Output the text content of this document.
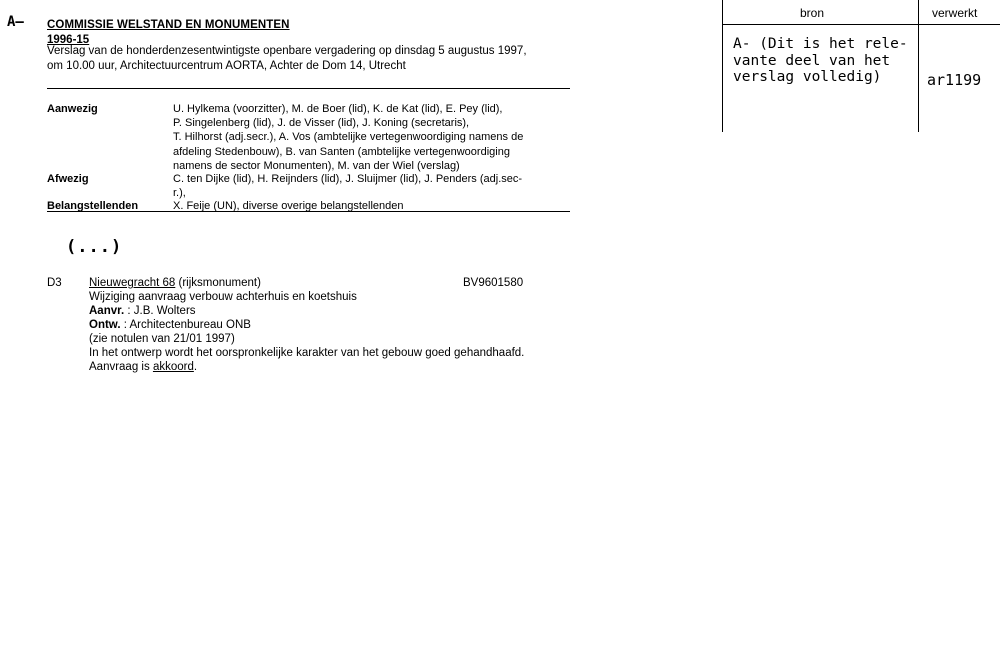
A– COMMISSIE WELSTAND EN MONUMENTEN
1996-15
Verslag van de honderdenzesentwintigste openbare vergadering op dinsdag 5 augustus 1997,
om 10.00 uur, Architectuurcentrum AORTA, Achter de Dom 14, Utrecht
Aanwezig	U. Hylkema (voorzitter), M. de Boer (lid), K. de Kat (lid), E. Pey (lid),
P. Singelenberg (lid), J. de Visser (lid), J. Koning (secretaris),
T. Hilhorst (adj.secr.), A. Vos (ambtelijke vertegenwoordiging namens de
afdeling Stedenbouw), B. van Santen (ambtelijke vertegenwoordiging
namens de sector Monumenten), M. van der Wiel (verslag)
Afwezig	C. ten Dijke (lid), H. Reijnders (lid), J. Sluijmer (lid), J. Penders (adj.sec-
r.),
Belangstellenden	X. Feije (UN), diverse overige belangstellenden
(...)
D3 Nieuwegracht 68 (rijksmonument)	BV9601580
Wijziging aanvraag verbouw achterhuis en koetshuis
Aanvr. : J.B. Wolters
Ontw. : Architectenbureau ONB
(zie notulen van 21/01 1997)
In het ontwerp wordt het oorspronkelijke karakter van het gebouw goed gehandhaafd.
Aanvraag is akkoord.
bron	verwerkt
A- (Dit is het rele-
vante deel van het
verslag volledig)	ar1199
